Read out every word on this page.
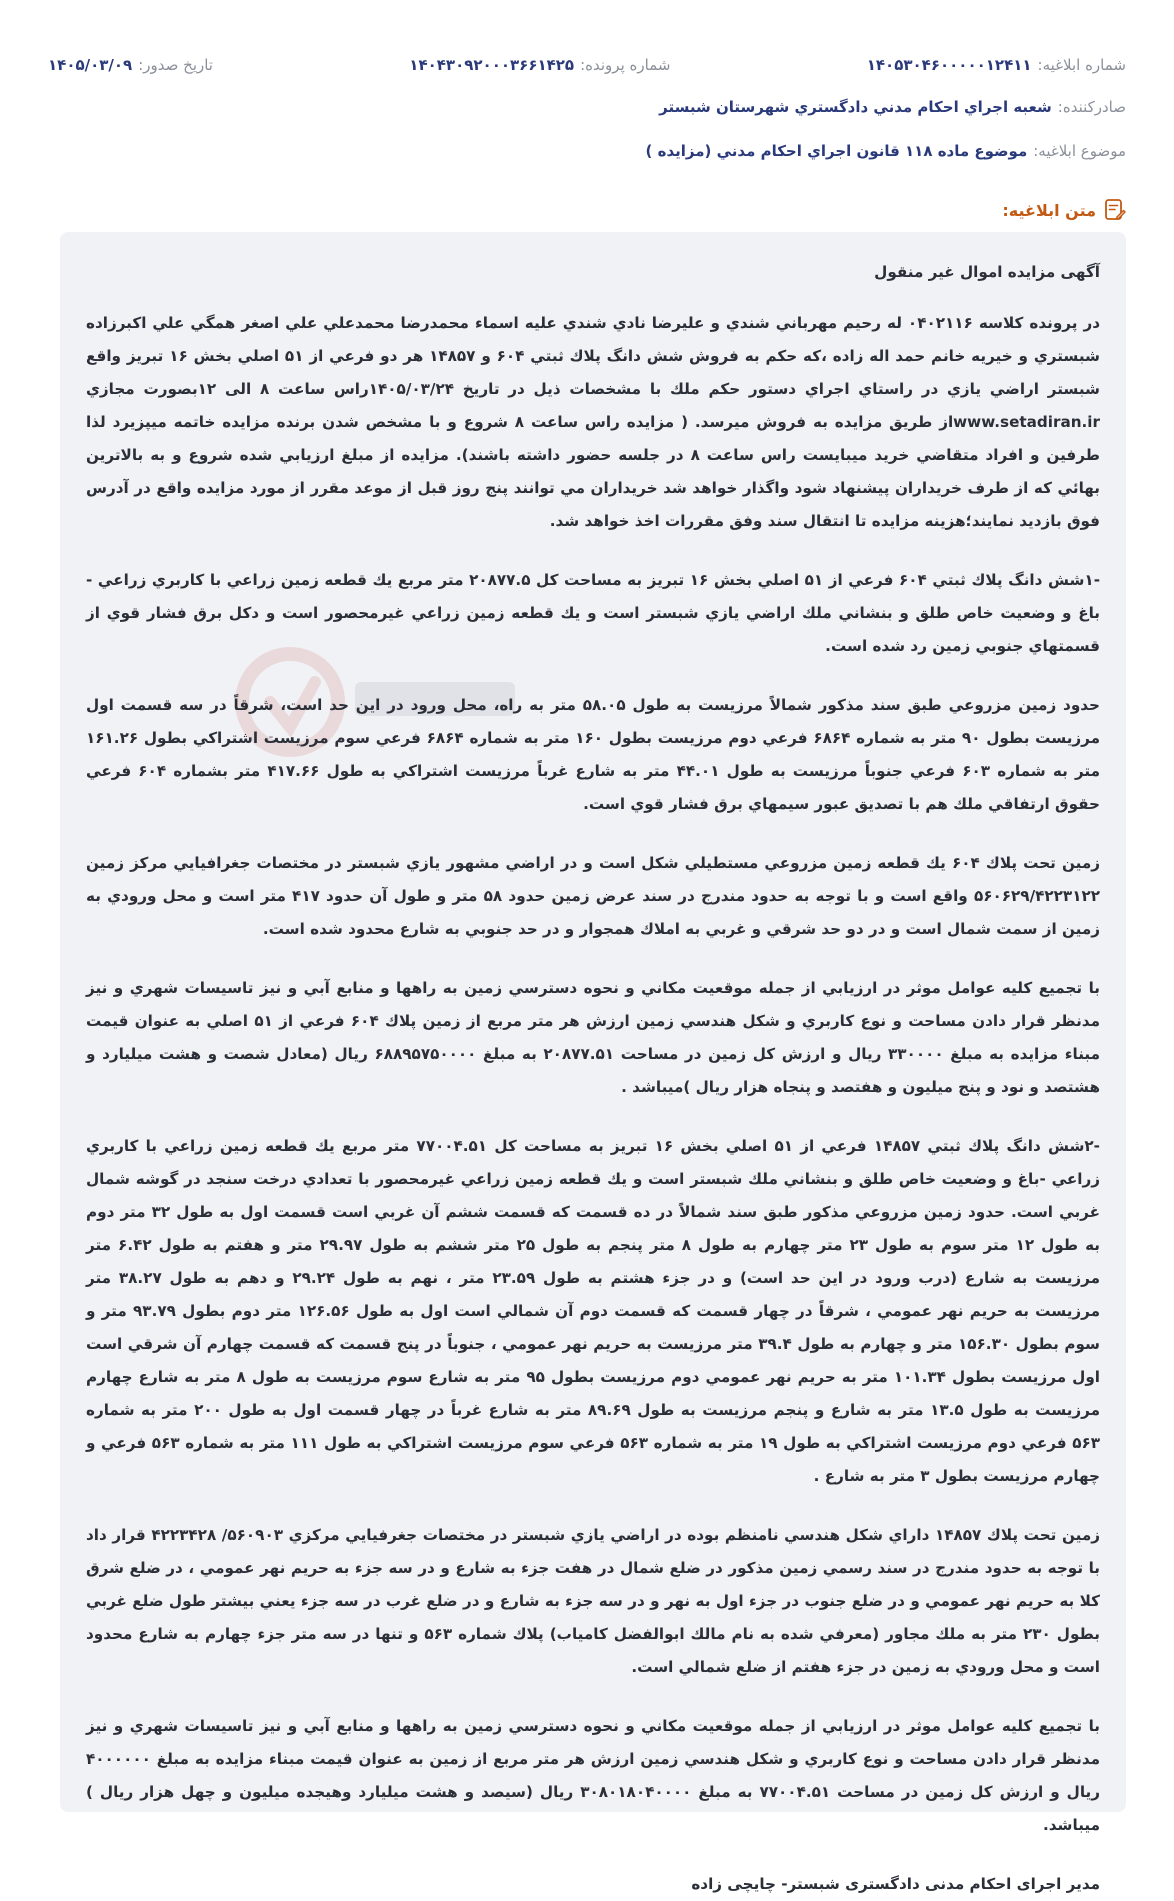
شماره ابلاغيه:
۱۴۰۵۳۰۴۶۰۰۰۰۰۱۲۴۱۱
شماره پرونده:
۱۴۰۴۳۰۹۲۰۰۰۳۶۶۱۴۲۵
تاريخ صدور:
۱۴۰۵/۰۳/۰۹
صادرکننده:
شعبه اجراي احكام مدني دادگستري شهرستان شبستر
موضوع ابلاغيه:
موضوع ماده ۱۱۸ قانون اجراي احكام مدني (مزايده )
متن ابلاغيه:

آگهی مزايده اموال غير منقول

در پرونده كلاسه ۰۴۰۲۱۱۶ له رحيم مهرباني شندي و عليرضا نادي شندي عليه اسماء محمدرضا محمدعلي علي اصغر همگي علي اكبرزاده شبستري و خيريه خانم حمد اله زاده ،كه حكم به فروش شش دانگ پلاك ثبتي ۶۰۴ و ۱۴۸۵۷ هر دو فرعي از ۵۱ اصلي بخش ۱۶ تبريز واقع شبستر اراضي يازي در راستاي اجراي دستور حكم ملك با مشخصات ذيل در تاريخ ۱۴۰۵/۰۳/۲۴راس ساعت ۸ الی ۱۲بصورت مجازي www.setadiran.irاز طريق مزايده به فروش ميرسد. ( مزايده راس ساعت ۸ شروع و با مشخص شدن برنده مزايده خاتمه ميپزيرد لذا طرفين و افراد متقاضي خريد ميبايست راس ساعت ۸ در جلسه حضور داشته باشند). مزايده از مبلغ ارزيابي شده شروع و به بالاترين بهائي كه از طرف خريداران پيشنهاد شود واگذار خواهد شد خريداران مي توانند پنج روز قبل از موعد مقرر از مورد مزايده واقع در آدرس فوق بازديد نمايند؛هزينه مزايده تا انتقال سند وفق مقررات اخذ خواهد شد.

-۱شش دانگ پلاك ثبتي ۶۰۴ فرعي از ۵۱ اصلي بخش ۱۶ تبريز به مساحت كل ۲۰۸۷۷.۵ متر مربع يك قطعه زمين زراعي با كاربري زراعي - باغ و وضعيت خاص طلق و بنشاني ملك اراضي يازي شبستر است و يك قطعه زمين زراعي غيرمحصور است و دكل برق فشار قوي از قسمتهاي جنوبي زمين رد شده است.

حدود زمين مزروعي طبق سند مذكور شمالاً مرزيست به طول ۵۸.۰۵ متر به راه، محل ورود در اين حد است، شرقاً در سه قسمت اول مرزيست بطول ۹۰ متر به شماره ۶۸۶۴ فرعي دوم مرزيست بطول ۱۶۰ متر به شماره ۶۸۶۴ فرعي سوم مرزيست اشتراكي بطول ۱۶۱.۲۶ متر به شماره ۶۰۳ فرعي جنوباً مرزيست به طول ۴۴.۰۱ متر به شارع غرباً مرزيست اشتراكي به طول ۴۱۷.۶۶ متر بشماره ۶۰۴ فرعي حقوق ارتفاقي ملك هم با تصديق عبور سيمهاي برق فشار قوي است.

زمين تحت پلاك ۶۰۴ يك قطعه زمين مزروعي مستطيلي شكل است و در اراضي مشهور يازي شبستر در مختصات جغرافيايي مركز زمين ۵۶۰۶۲۹/۴۲۲۳۱۲۲ واقع است و با توجه به حدود مندرج در سند عرض زمين حدود ۵۸ متر و طول آن حدود ۴۱۷ متر است و محل ورودي به زمين از سمت شمال است و در دو حد شرقي و غربي به املاك همجوار و در حد جنوبي به شارع محدود شده است.

با تجميع كليه عوامل موثر در ارزيابي از جمله موقعيت مكاني و نحوه دسترسي زمين به راهها و منابع آبي و نيز تاسيسات شهري و نيز مدنظر قرار دادن مساحت و نوع كاربري و شكل هندسي زمين ارزش هر متر مربع از زمين پلاك ۶۰۴ فرعي از ۵۱ اصلي به عنوان قيمت مبناء مزايده به مبلغ ۳۳۰۰۰۰ ريال و ارزش كل زمين در مساحت ۲۰۸۷۷.۵۱ به مبلغ ۶۸۸۹۵۷۵۰۰۰۰ ريال (معادل شصت و هشت ميليارد و هشتصد و نود و پنج ميليون و هفتصد و پنجاه هزار ريال )ميباشد .

-۲شش دانگ پلاك ثبتي ۱۴۸۵۷ فرعي از ۵۱ اصلي بخش ۱۶ تبريز به مساحت كل ۷۷۰۰۴.۵۱ متر مربع يك قطعه زمين زراعي با كاربري زراعي -باغ و وضعيت خاص طلق و بنشاني ملك شبستر است و يك قطعه زمين زراعي غيرمحصور با تعدادي درخت سنجد در گوشه شمال غربي است. حدود زمين مزروعي مذكور طبق سند شمالاً در ده قسمت كه قسمت ششم آن غربي است قسمت اول به طول ۳۲ متر دوم به طول ۱۲ متر سوم به طول ۲۳ متر چهارم به طول ۸ متر پنجم به طول ۲۵ متر ششم به طول ۲۹.۹۷ متر و هفتم به طول ۶.۴۲ متر مرزيست به شارع (درب ورود در اين حد است) و در جزء هشتم به طول ۲۳.۵۹ متر ، نهم به طول ۲۹.۲۴ و دهم به طول ۳۸.۲۷ متر مرزيست به حريم نهر عمومي ، شرقاً در چهار قسمت كه قسمت دوم آن شمالي است اول به طول ۱۲۶.۵۶ متر دوم بطول ۹۳.۷۹ متر و سوم بطول ۱۵۶.۳۰ متر و چهارم به طول ۳۹.۴ متر مرزيست به حريم نهر عمومي ، جنوباً در پنج قسمت كه قسمت چهارم آن شرقي است اول مرزيست بطول ۱۰۱.۳۴ متر به حريم نهر عمومي دوم مرزيست بطول ۹۵ متر به شارع سوم مرزيست به طول ۸ متر به شارع چهارم مرزيست به طول ۱۳.۵ متر به شارع و پنجم مرزيست به طول ۸۹.۶۹ متر به شارع غرباً در چهار قسمت اول به طول ۲۰۰ متر به شماره ۵۶۳ فرعي دوم مرزيست اشتراكي به طول ۱۹ متر به شماره ۵۶۳ فرعي سوم مرزيست اشتراكي به طول ۱۱۱ متر به شماره ۵۶۳ فرعي و چهارم مرزيست بطول ۳ متر به شارع .

زمين تحت پلاك ۱۴۸۵۷ داراي شكل هندسي نامنظم بوده در اراضي يازي شبستر در مختصات جغرفيايي مركزي ۵۶۰۹۰۳/ ۴۲۲۳۴۲۸ قرار داد با توجه به حدود مندرج در سند رسمي زمين مذكور در ضلع شمال در هفت جزء به شارع و در سه جزء به حريم نهر عمومي ، در ضلع شرق كلا به حريم نهر عمومي و در ضلع جنوب در جزء اول به نهر و در سه جزء به شارع و در ضلع غرب در سه جزء يعني بيشتر طول ضلع غربي بطول ۲۳۰ متر به ملك مجاور (معرفي شده به نام مالك ابوالفضل كامياب) پلاك شماره ۵۶۳ و تنها در سه متر جزء چهارم به شارع محدود است و محل ورودي به زمين در جزء هفتم از ضلع شمالي است.

با تجميع كليه عوامل موثر در ارزيابي از جمله موقعيت مكاني و نحوه دسترسي زمين به راهها و منابع آبي و نيز تاسيسات شهري و نيز مدنظر قرار دادن مساحت و نوع كاربري و شكل هندسي زمين ارزش هر متر مربع از زمين به عنوان قيمت مبناء مزايده به مبلغ ۴۰۰۰۰۰۰ ريال و ارزش كل زمين در مساحت ۷۷۰۰۴.۵۱ به مبلغ ۳۰۸۰۱۸۰۴۰۰۰۰ ريال (سيصد و هشت ميليارد وهيجده ميليون و چهل هزار ريال ) ميباشد.

مدیر اجرای احکام مدنی دادگستری شبستر- چایچی زاده
